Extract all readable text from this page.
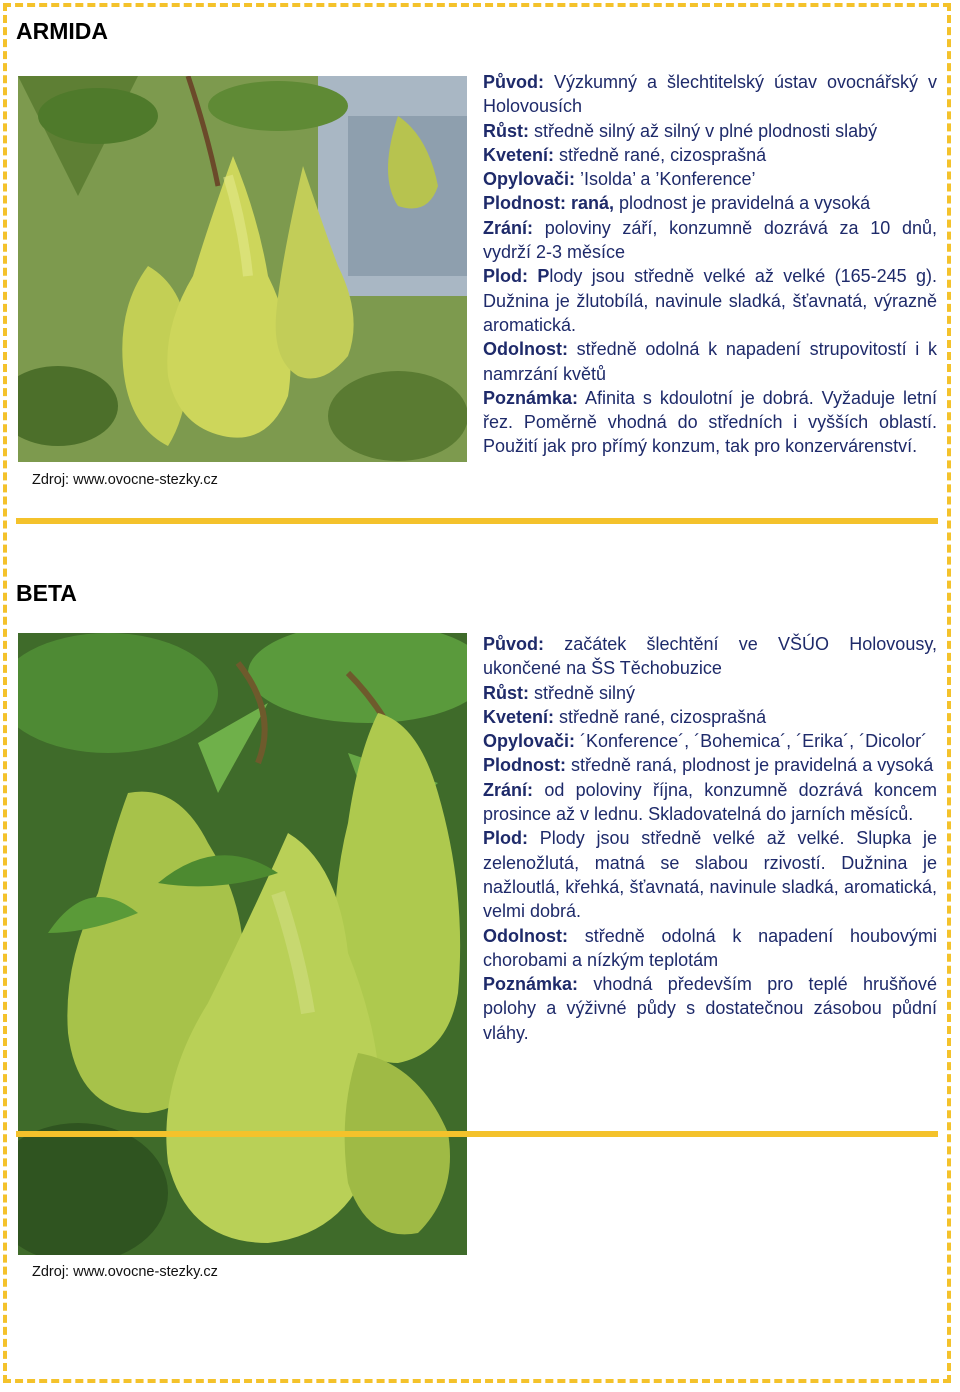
ARMIDA
Zdroj: www.ovocne-stezky.cz
Původ: Výzkumný a šlechtitelský ústav ovocnářský v Holovousích
Růst: středně silný až silný v plné plodnosti slabý
Kvetení: středně rané, cizosprašná
Opylovači: ’Isolda’ a ’Konference’
Plodnost: raná, plodnost je pravidelná a vysoká
Zrání: poloviny září, konzumně dozrává za 10 dnů, vydrží 2-3 měsíce
Plod: Plody jsou středně velké až velké (165-245 g). Dužnina je žlutobílá, navinule sladká, šťavnatá, výrazně aromatická.
Odolnost: středně odolná k napadení strupovitostí i k namrzání květů
Poznámka: Afinita s kdoulotní je dobrá. Vyžaduje letní řez. Poměrně vhodná do středních i vyšších oblastí. Použití jak pro přímý konzum, tak pro konzervárenství.
BETA
Zdroj: www.ovocne-stezky.cz
Původ: začátek šlechtění ve VŠÚO Holovousy, ukončené na ŠS Těchobuzice
Růst: středně silný
Kvetení: středně rané, cizosprašná
Opylovači: ´Konference´, ´Bohemica´, ´Erika´, ´Dicolor´
Plodnost: středně raná, plodnost je pravidelná a vysoká
Zrání: od poloviny října, konzumně dozrává koncem prosince až v lednu. Skladovatelná do jarních měsíců.
Plod: Plody jsou středně velké až velké. Slupka je zelenožlutá, matná se slabou rzivostí. Dužnina je nažloutlá, křehká, šťavnatá, navinule sladká, aromatická, velmi dobrá.
Odolnost: středně odolná k napadení houbovými chorobami a nízkým teplotám
Poznámka: vhodná především pro teplé hrušňové polohy a výživné půdy s dostatečnou zásobou půdní vláhy.
